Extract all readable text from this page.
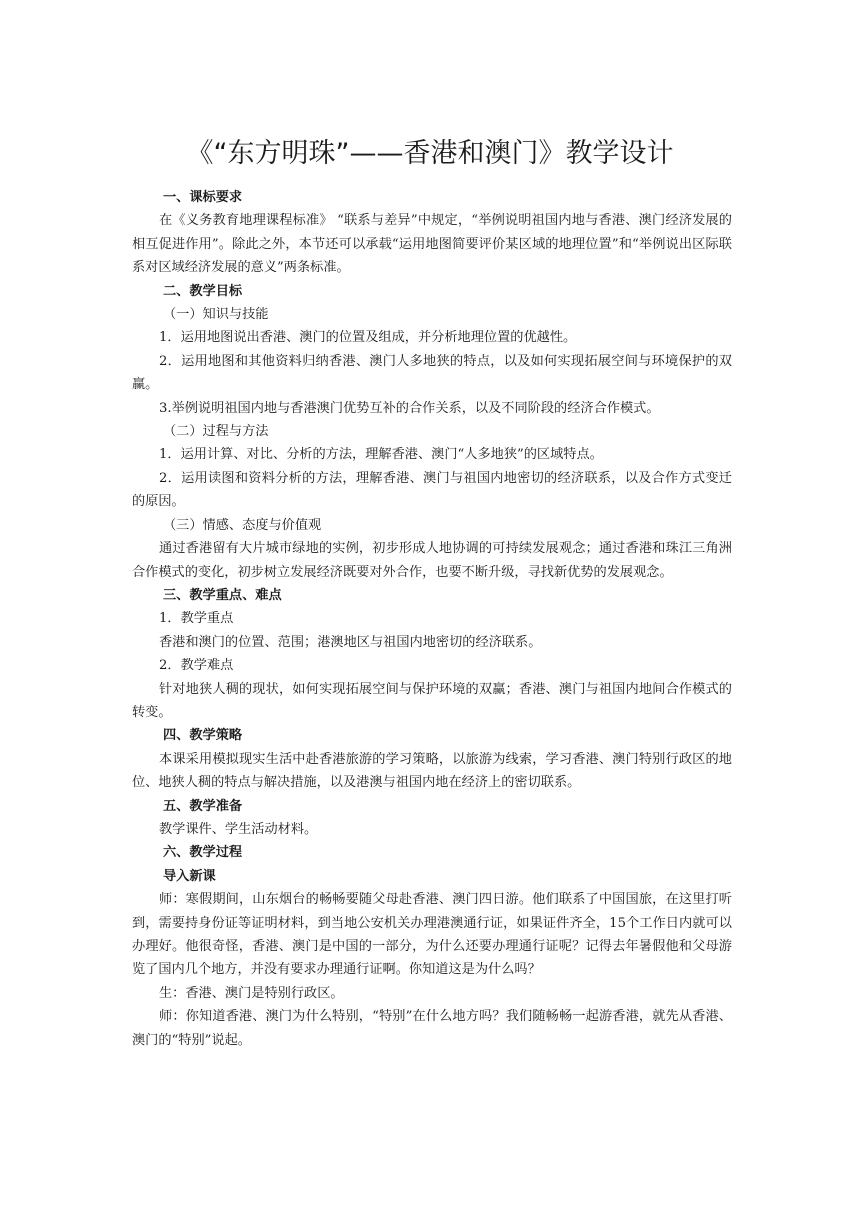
《“东方明珠”——香港和澳门》教学设计

一、课标要求

在《义务教育地理课程标准》 “联系与差异”中规定，“举例说明祖国内地与香港、澳门经济发展的相互促进作用”。除此之外，本节还可以承载“运用地图简要评价某区域的地理位置”和“举例说出区际联系对区域经济发展的意义”两条标准。

二、教学目标

（一）知识与技能

1．运用地图说出香港、澳门的位置及组成，并分析地理位置的优越性。

2．运用地图和其他资料归纳香港、澳门人多地狭的特点，以及如何实现拓展空间与环境保护的双赢。

3.举例说明祖国内地与香港澳门优势互补的合作关系，以及不同阶段的经济合作模式。

（二）过程与方法

1．运用计算、对比、分析的方法，理解香港、澳门“人多地狭”的区域特点。

2．运用读图和资料分析的方法，理解香港、澳门与祖国内地密切的经济联系，以及合作方式变迁的原因。

（三）情感、态度与价值观

通过香港留有大片城市绿地的实例，初步形成人地协调的可持续发展观念；通过香港和珠江三角洲合作模式的变化，初步树立发展经济既要对外合作，也要不断升级，寻找新优势的发展观念。

三、教学重点、难点

1．教学重点

香港和澳门的位置、范围；港澳地区与祖国内地密切的经济联系。

2．教学难点

针对地狭人稠的现状，如何实现拓展空间与保护环境的双赢；香港、澳门与祖国内地间合作模式的转变。

四、教学策略

本课采用模拟现实生活中赴香港旅游的学习策略，以旅游为线索，学习香港、澳门特别行政区的地位、地狭人稠的特点与解决措施，以及港澳与祖国内地在经济上的密切联系。

五、教学准备

教学课件、学生活动材料。

六、教学过程

导入新课

师：寒假期间，山东烟台的畅畅要随父母赴香港、澳门四日游。他们联系了中国国旅，在这里打听到，需要持身份证等证明材料，到当地公安机关办理港澳通行证，如果证件齐全，15个工作日内就可以办理好。他很奇怪，香港、澳门是中国的一部分，为什么还要办理通行证呢？记得去年暑假他和父母游览了国内几个地方，并没有要求办理通行证啊。你知道这是为什么吗？

生：香港、澳门是特别行政区。

师：你知道香港、澳门为什么特别，“特别”在什么地方吗？我们随畅畅一起游香港，就先从香港、澳门的“特别”说起。
